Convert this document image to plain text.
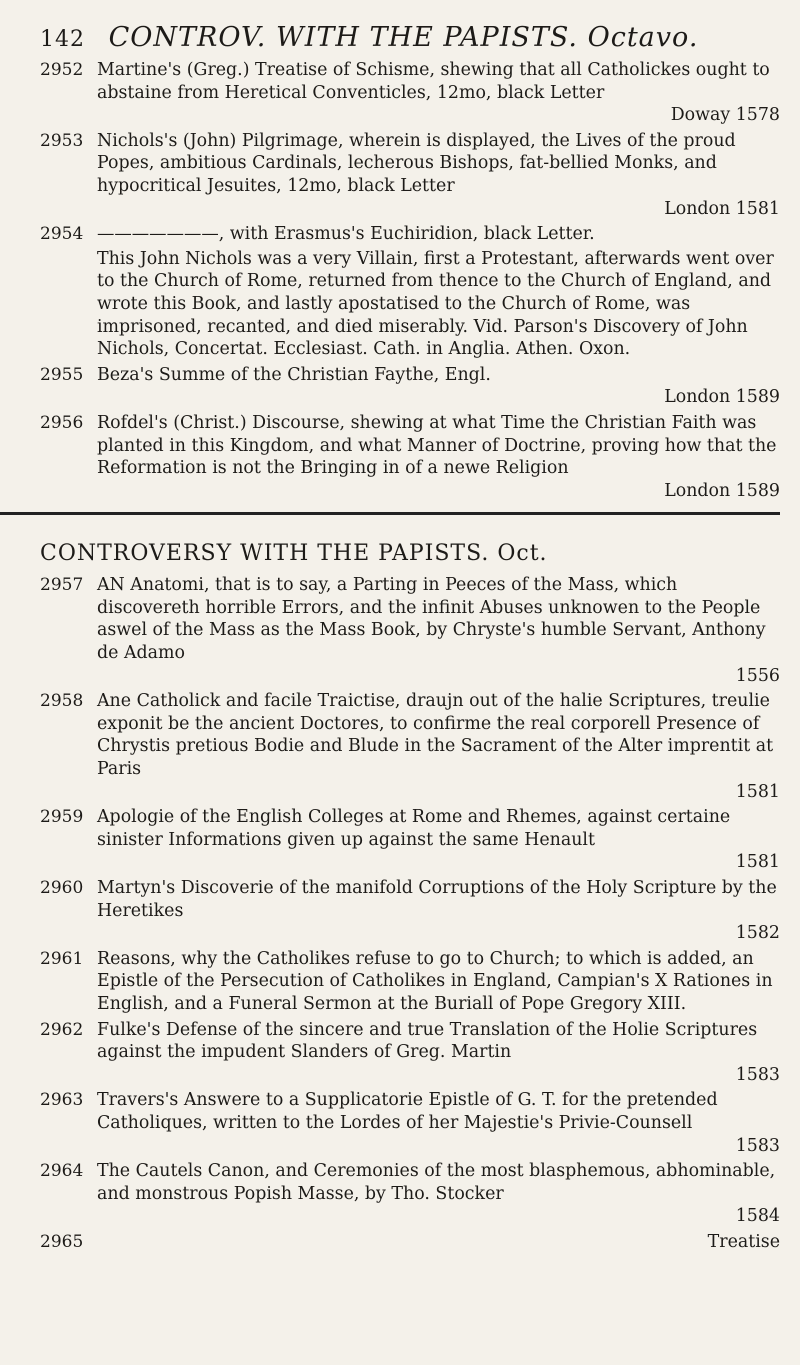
142 CONTROV. WITH THE PAPISTS. Octavo.
2952 Martine's (Greg.) Treatise of Schisme, shewing that all Catholickes ought to abstaine from Heretical Conventicles, 12mo, black Letter
Doway 1578
2953 Nichols's (John) Pilgrimage, wherein is displayed, the Lives of the proud Popes, ambitious Cardinals, lecherous Bishops, fat-bellied Monks, and hypocritical Jesuites, 12mo, black Letter
London 1581
2954 ———————, with Erasmus's Euchiridion, black Letter.
This John Nichols was a very Villain, first a Protestant, afterwards went over to the Church of Rome, returned from thence to the Church of England, and wrote this Book, and lastly apostatised to the Church of Rome, was imprisoned, recanted, and died miserably. Vid. Parson's Discovery of John Nichols, Concertat. Ecclesiast. Cath. in Anglia. Athen. Oxon.
2955 Beza's Summe of the Christian Faythe, Engl.
London 1589
2956 Rofdel's (Christ.) Discourse, shewing at what Time the Christian Faith was planted in this Kingdom, and what Manner of Doctrine, proving how that the Reformation is not the Bringing in of a newe Religion
London 1589
CONTROVERSY WITH THE PAPISTS. Oct.
2957 AN Anatomi, that is to say, a Parting in Peeces of the Mass, which discovereth horrible Errors, and the infinit Abuses unknowen to the People aswel of the Mass as the Mass Book, by Chryste's humble Servant, Anthony de Adamo
1556
2958 Ane Catholick and facile Traictise, draujn out of the halie Scriptures, treulie exponit be the ancient Doctores, to confirme the real corporell Presence of Chrystis pretious Bodie and Blude in the Sacrament of the Alter imprentit at Paris
1581
2959 Apologie of the English Colleges at Rome and Rhemes, against certaine sinister Informations given up against the same Henault
1581
2960 Martyn's Discoverie of the manifold Corruptions of the Holy Scripture by the Heretikes
1582
2961 Reasons, why the Catholikes refuse to go to Church; to which is added, an Epistle of the Persecution of Catholikes in England, Campian's X Rationes in English, and a Funeral Sermon at the Buriall of Pope Gregory XIII.
2962 Fulke's Defense of the sincere and true Translation of the Holie Scriptures against the impudent Slanders of Greg. Martin
1583
2963 Travers's Answere to a Supplicatorie Epistle of G. T. for the pretended Catholiques, written to the Lordes of her Majestie's Privie-Counsell
1583
2964 The Cautels Canon, and Ceremonies of the most blasphemous, abhominable, and monstrous Popish Masse, by Tho. Stocker
1584
2965	Treatise
